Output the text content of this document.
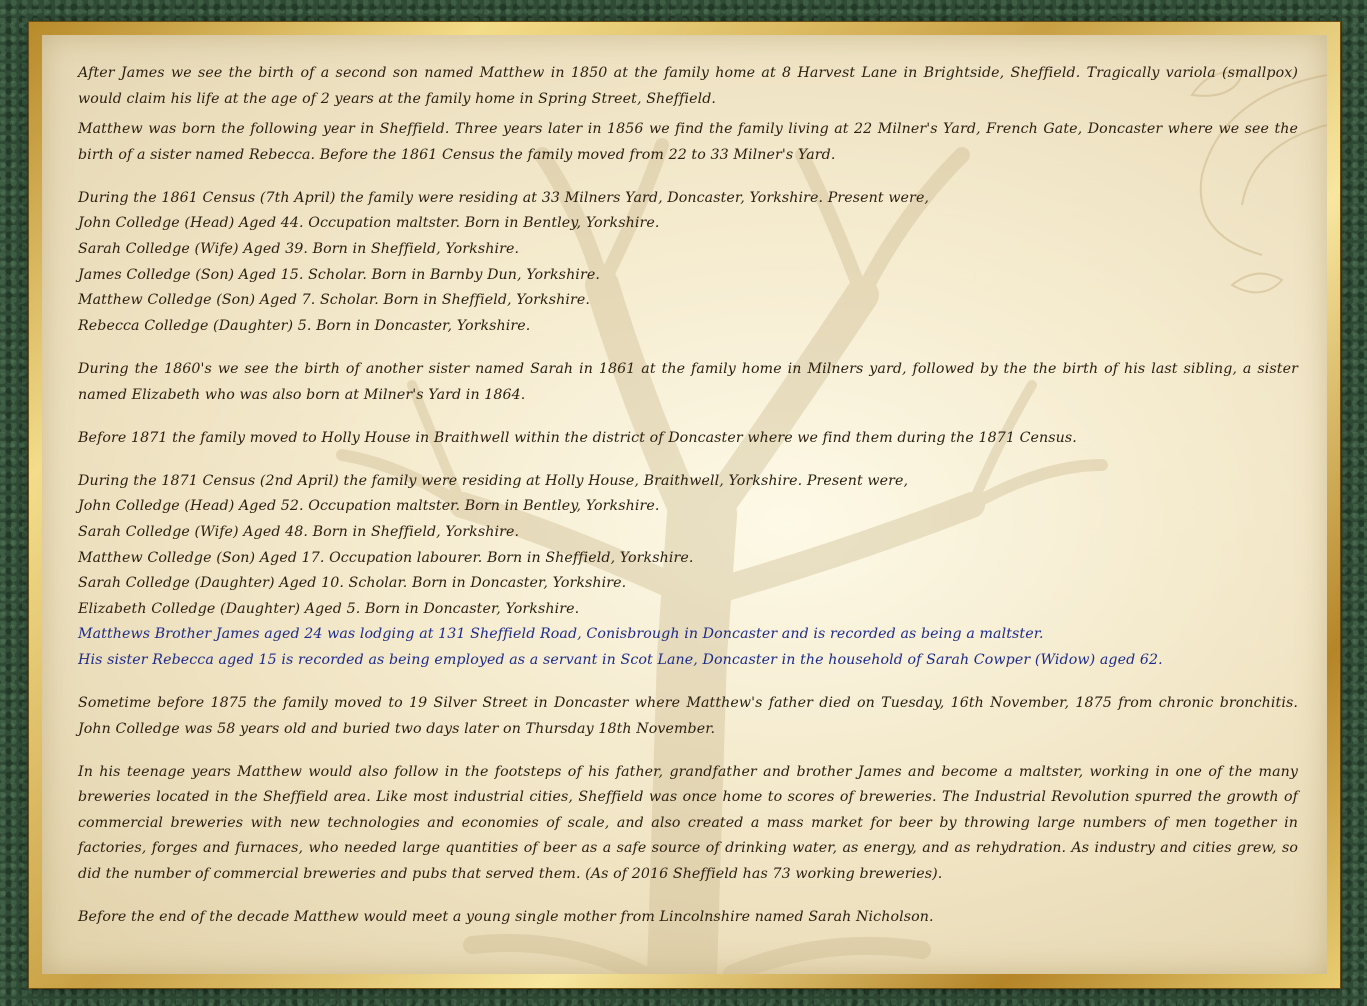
After James we see the birth of a second son named Matthew in 1850 at the family home at 8 Harvest Lane in Brightside, Sheffield. Tragically variola (smallpox) would claim his life at the age of 2 years at the family home in Spring Street, Sheffield.

Matthew was born the following year in Sheffield. Three years later in 1856 we find the family living at 22 Milner's Yard, French Gate, Doncaster where we see the birth of a sister named Rebecca. Before the 1861 Census the family moved from 22 to 33 Milner's Yard.

During the 1861 Census (7th April) the family were residing at 33 Milners Yard, Doncaster, Yorkshire. Present were,
John Colledge (Head) Aged 44. Occupation maltster. Born in Bentley, Yorkshire.
Sarah Colledge (Wife) Aged 39. Born in Sheffield, Yorkshire.
James Colledge (Son) Aged 15. Scholar. Born in Barnby Dun, Yorkshire.
Matthew Colledge (Son) Aged 7. Scholar. Born in Sheffield, Yorkshire.
Rebecca Colledge (Daughter) 5. Born in Doncaster, Yorkshire.

During the 1860's we see the birth of another sister named Sarah in 1861 at the family home in Milners yard, followed by the the birth of his last sibling, a sister named Elizabeth who was also born at Milner's Yard in 1864.

Before 1871 the family moved to Holly House in Braithwell within the district of Doncaster where we find them during the 1871 Census.

During the 1871 Census (2nd April) the family were residing at Holly House, Braithwell, Yorkshire. Present were,
John Colledge (Head) Aged 52. Occupation maltster. Born in Bentley, Yorkshire.
Sarah Colledge (Wife) Aged 48. Born in Sheffield, Yorkshire.
Matthew Colledge (Son) Aged 17. Occupation labourer. Born in Sheffield, Yorkshire.
Sarah Colledge (Daughter) Aged 10. Scholar. Born in Doncaster, Yorkshire.
Elizabeth Colledge (Daughter) Aged 5. Born in Doncaster, Yorkshire.
Matthews Brother James aged 24 was lodging at 131 Sheffield Road, Conisbrough in Doncaster and is recorded as being a maltster.
His sister Rebecca aged 15 is recorded as being employed as a servant in Scot Lane, Doncaster in the household of Sarah Cowper (Widow) aged 62.

Sometime before 1875 the family moved to 19 Silver Street in Doncaster where Matthew's father died on Tuesday, 16th November, 1875 from chronic bronchitis. John Colledge was 58 years old and buried two days later on Thursday 18th November.

In his teenage years Matthew would also follow in the footsteps of his father, grandfather and brother James and become a maltster, working in one of the many breweries located in the Sheffield area. Like most industrial cities, Sheffield was once home to scores of breweries. The Industrial Revolution spurred the growth of commercial breweries with new technologies and economies of scale, and also created a mass market for beer by throwing large numbers of men together in factories, forges and furnaces, who needed large quantities of beer as a safe source of drinking water, as energy, and as rehydration. As industry and cities grew, so did the number of commercial breweries and pubs that served them. (As of 2016 Sheffield has 73 working breweries).

Before the end of the decade Matthew would meet a young single mother from Lincolnshire named Sarah Nicholson.
